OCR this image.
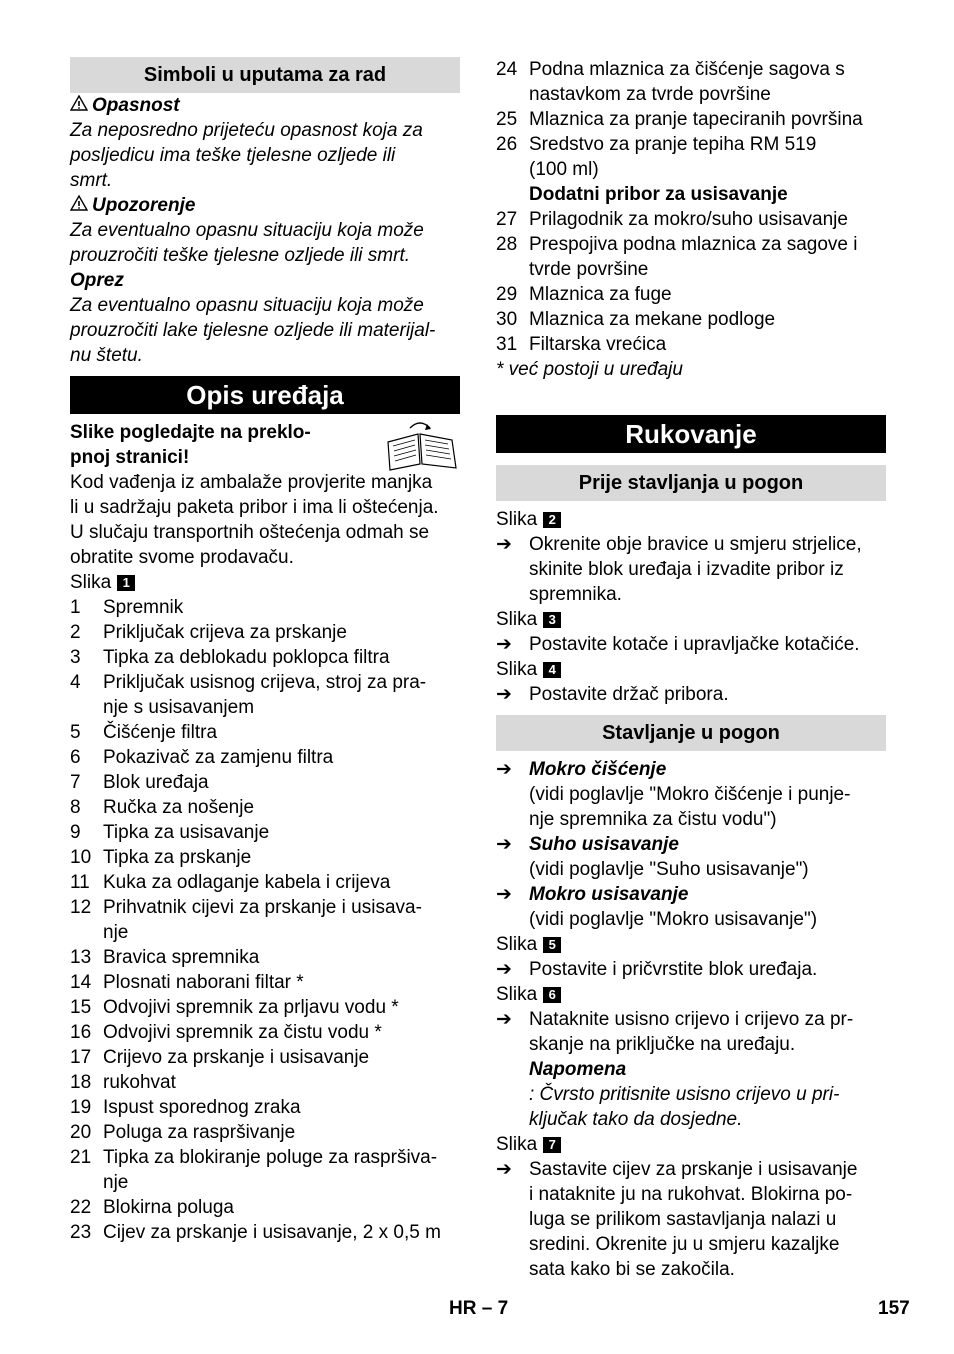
Simboli u uputama za rad
Opasnost
Za neposredno prijeteću opasnost koja za
posljedicu ima teške tjelesne ozljede ili
smrt.
Upozorenje
Za eventualno opasnu situaciju koja može
prouzročiti teške tjelesne ozljede ili smrt.
Oprez
Za eventualno opasnu situaciju koja može
prouzročiti lake tjelesne ozljede ili materijal-
nu štetu.
Opis uređaja
Slike pogledajte na preklo-
pnoj stranici!
Kod vađenja iz ambalaže provjerite manjka
li u sadržaju paketa pribor i ima li oštećenja.
U slučaju transportnih oštećenja odmah se
obratite svome prodavaču.
Slika 1
1	Spremnik
2	Priključak crijeva za prskanje
3	Tipka za deblokadu poklopca filtra
4	Priključak usisnog crijeva, stroj za pra-
nje s usisavanjem
5	Čišćenje filtra
6	Pokazivač za zamjenu filtra
7	Blok uređaja
8	Ručka za nošenje
9	Tipka za usisavanje
10 Tipka za prskanje
11 Kuka za odlaganje kabela i crijeva
12 Prihvatnik cijevi za prskanje i usisava-
nje
13 Bravica spremnika
14 Plosnati naborani filtar *
15 Odvojivi spremnik za prljavu vodu *
16 Odvojivi spremnik za čistu vodu *
17 Crijevo za prskanje i usisavanje
18 rukohvat
19 Ispust sporednog zraka
20 Poluga za raspršivanje
21 Tipka za blokiranje poluge za raspršiva-
nje
22 Blokirna poluga
23 Cijev za prskanje i usisavanje, 2 x 0,5 m
24 Podna mlaznica za čišćenje sagova s
nastavkom za tvrde površine
25 Mlaznica za pranje tapeciranih površina
26 Sredstvo za pranje tepiha RM 519
(100 ml)
Dodatni pribor za usisavanje
27 Prilagodnik za mokro/suho usisavanje
28 Prespojiva podna mlaznica za sagove i
tvrde površine
29 Mlaznica za fuge
30 Mlaznica za mekane podloge
31 Filtarska vrećica
* već postoji u uređaju
Rukovanje
Prije stavljanja u pogon
Slika 2
➔ Okrenite obje bravice u smjeru strjelice,
skinite blok uređaja i izvadite pribor iz
spremnika.
Slika 3
➔ Postavite kotače i upravljačke kotačiće.
Slika 4
➔ Postavite držač pribora.
Stavljanje u pogon
➔ Mokro čišćenje
(vidi poglavlje "Mokro čišćenje i punje-
nje spremnika za čistu vodu")
➔ Suho usisavanje
(vidi poglavlje "Suho usisavanje")
➔ Mokro usisavanje
(vidi poglavlje "Mokro usisavanje")
Slika 5
➔ Postavite i pričvrstite blok uređaja.
Slika 6
➔ Nataknite usisno crijevo i crijevo za pr-
skanje na priključke na uređaju.
Napomena
: Čvrsto pritisnite usisno crijevo u pri-
ključak tako da dosjedne.
Slika 7
➔ Sastavite cijev za prskanje i usisavanje
i nataknite ju na rukohvat. Blokirna po-
luga se prilikom sastavljanja nalazi u
sredini. Okrenite ju u smjeru kazaljke
sata kako bi se zakočila.
HR – 7	157
